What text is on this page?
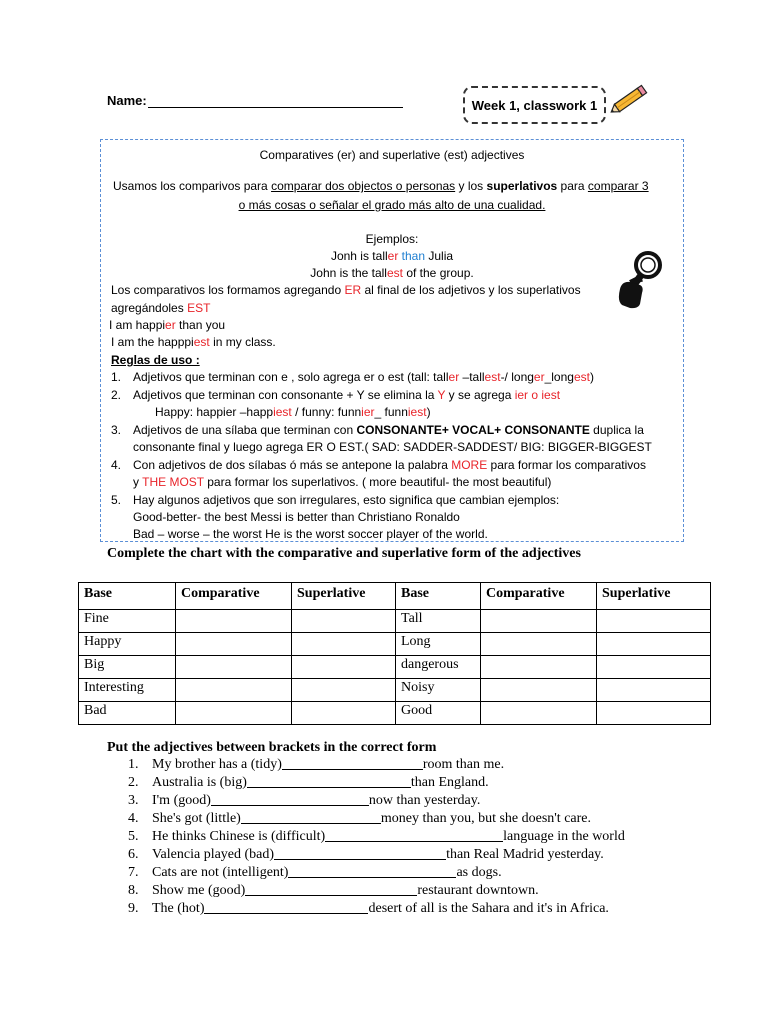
Name:	Week 1, classwork 1
Comparatives (er) and superlative (est) adjectives
Usamos los comparivos para comparar dos objectos o personas y los superlativos para comparar 3
o más cosas o señalar el grado más alto de una cualidad.
Ejemplos:
Jonh is taller than Julia
John is the tallest of the group.
Los comparativos los formamos agregando ER al final de los adjetivos y los superlativos
agregándoles EST
I am happier than you
I am the happpiest in my class.
Reglas de uso :
1. Adjetivos que terminan con e , solo agrega er o est (tall: taller –tallest-/ longer_longest)
2. Adjetivos que terminan con consonante + Y se elimina la Y y se agrega ier o iest
Happy: happier –happiest / funny: funnier_ funniest)
3. Adjetivos de una sílaba que terminan con CONSONANTE+ VOCAL+ CONSONANTE duplica la
consonante final y luego agrega ER O EST.( SAD: SADDER-SADDEST/ BIG: BIGGER-BIGGEST
4. Con adjetivos de dos sílabas ó más se antepone la palabra MORE para formar los comparativos
y THE MOST para formar los superlativos. ( more beautiful- the most beautiful)
5. Hay algunos adjetivos que son irregulares, esto significa que cambian ejemplos:
Good-better- the best Messi is better than Christiano Ronaldo
Bad – worse – the worst He is the worst soccer player of the world.
Complete the chart with the comparative and superlative form of the adjectives
Base	Comparative	Superlative	Base	Comparative	Superlative
Fine			Tall		
Happy			Long		
Big			dangerous		
Interesting			Noisy		
Bad			Good		
Put the adjectives between brackets in the correct form
1. My brother has a (tidy)	room than me.
2. Australia is (big)	than England.
3. I'm (good)	now than yesterday.
4. She's got (little)	money than you, but she doesn't care.
5. He thinks Chinese is (difficult)	language in the world
6. Valencia played (bad)	than Real Madrid yesterday.
7. Cats are not (intelligent)	as dogs.
8. Show me (good)	restaurant downtown.
9. The (hot)	desert of all is the Sahara and it's in Africa.
